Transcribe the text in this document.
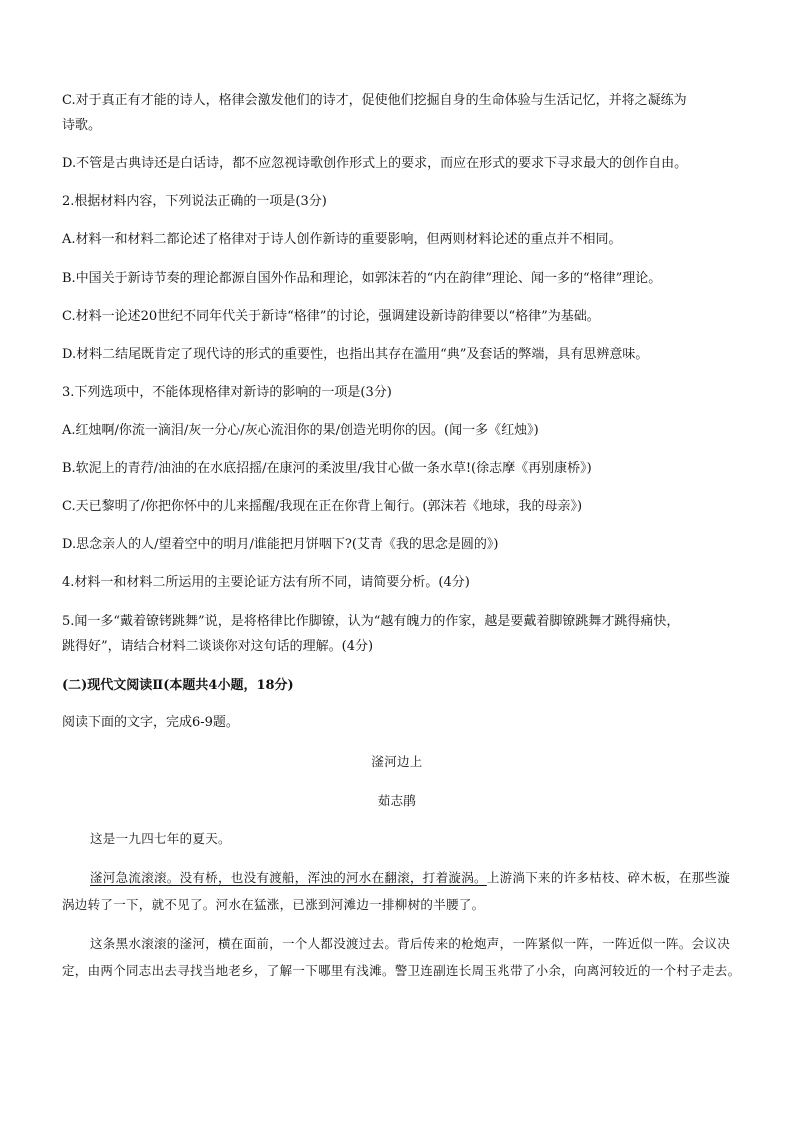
C.对于真正有才能的诗人，格律会激发他们的诗才，促使他们挖掘自身的生命体验与生活记忆，并将之凝练为
诗歌。
D.不管是古典诗还是白话诗，都不应忽视诗歌创作形式上的要求，而应在形式的要求下寻求最大的创作自由。
2.根据材料内容，下列说法正确的一项是(3分)
A.材料一和材料二都论述了格律对于诗人创作新诗的重要影响，但两则材料论述的重点并不相同。
B.中国关于新诗节奏的理论都源自国外作品和理论，如郭沫若的“内在韵律”理论、闻一多的“格律”理论。
C.材料一论述20世纪不同年代关于新诗“格律”的讨论，强调建设新诗韵律要以“格律”为基础。
D.材料二结尾既肯定了现代诗的形式的重要性，也指出其存在滥用“典”及套话的弊端，具有思辨意味。
3.下列选项中，不能体现格律对新诗的影响的一项是(3分)
A.红烛啊/你流一滴泪/灰一分心/灰心流泪你的果/创造光明你的因。(闻一多《红烛》)
B.软泥上的青荇/油油的在水底招摇/在康河的柔波里/我甘心做一条水草!(徐志摩《再别康桥》)
C.天已黎明了/你把你怀中的儿来摇醒/我现在正在你背上匍行。(郭沫若《地球，我的母亲》)
D.思念亲人的人/望着空中的明月/谁能把月饼咽下?(艾青《我的思念是圆的》)
4.材料一和材料二所运用的主要论证方法有所不同，请简要分析。(4分)
5.闻一多“戴着镣铐跳舞”说，是将格律比作脚镣，认为“越有魄力的作家，越是要戴着脚镣跳舞才跳得痛快，
跳得好”，请结合材料二谈谈你对这句话的理解。(4分)
(二)现代文阅读Ⅱ(本题共4小题，18分)
阅读下面的文字，完成6-9题。
滏河边上
茹志鹃
这是一九四七年的夏天。
滏河急流滚滚。没有桥，也没有渡船，浑浊的河水在翻滚，打着漩涡。上游淌下来的许多枯枝、碎木板，在那些漩涡边转了一下，就不见了。河水在猛涨，已涨到河滩边一排柳树的半腰了。
这条黑水滚滚的滏河，横在面前，一个人都没渡过去。背后传来的枪炮声，一阵紧似一阵，一阵近似一阵。会议决定，由两个同志出去寻找当地老乡，了解一下哪里有浅滩。警卫连副连长周玉兆带了小余，向离河较近的一个村子走去。
